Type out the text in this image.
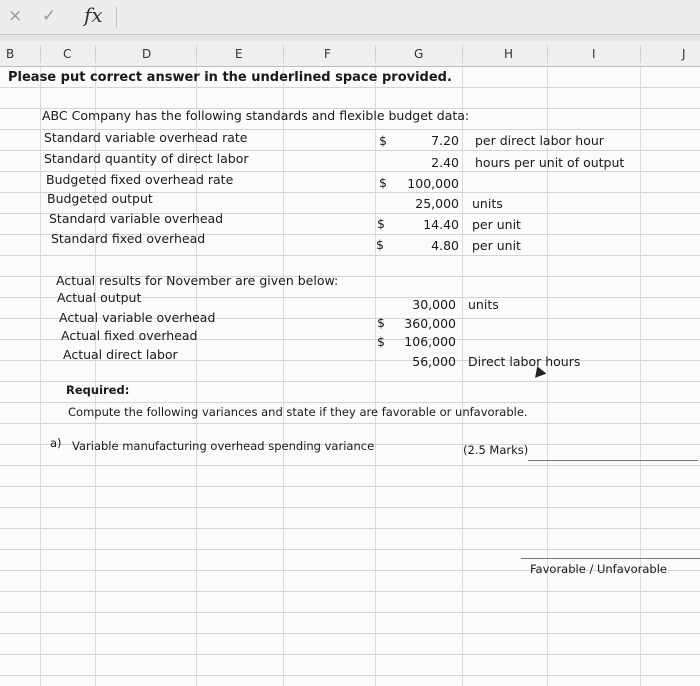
× ✓ fx
B	C	D	E	F	G	H	I	J
Please put correct answer in the underlined space provided.
ABC Company has the following standards and flexible budget data:
Standard variable overhead rate	$	7.20 per direct labor hour
Standard quantity of direct labor	2.40 hours per unit of output
Budgeted fixed overhead rate	$	100,000
Budgeted output	25,000 units
Standard variable overhead	$	14.40 per unit
Standard fixed overhead	$	4.80 per unit
Actual results for November are given below:
Actual output	30,000 units
Actual variable overhead	$	360,000
Actual fixed overhead	$	106,000
Actual direct labor	56,000 Direct labor hours
Required:
Compute the following variances and state if they are favorable or unfavorable.
a) Variable manufacturing overhead spending variance	(2.5 Marks)
Favorable / Unfavorable
